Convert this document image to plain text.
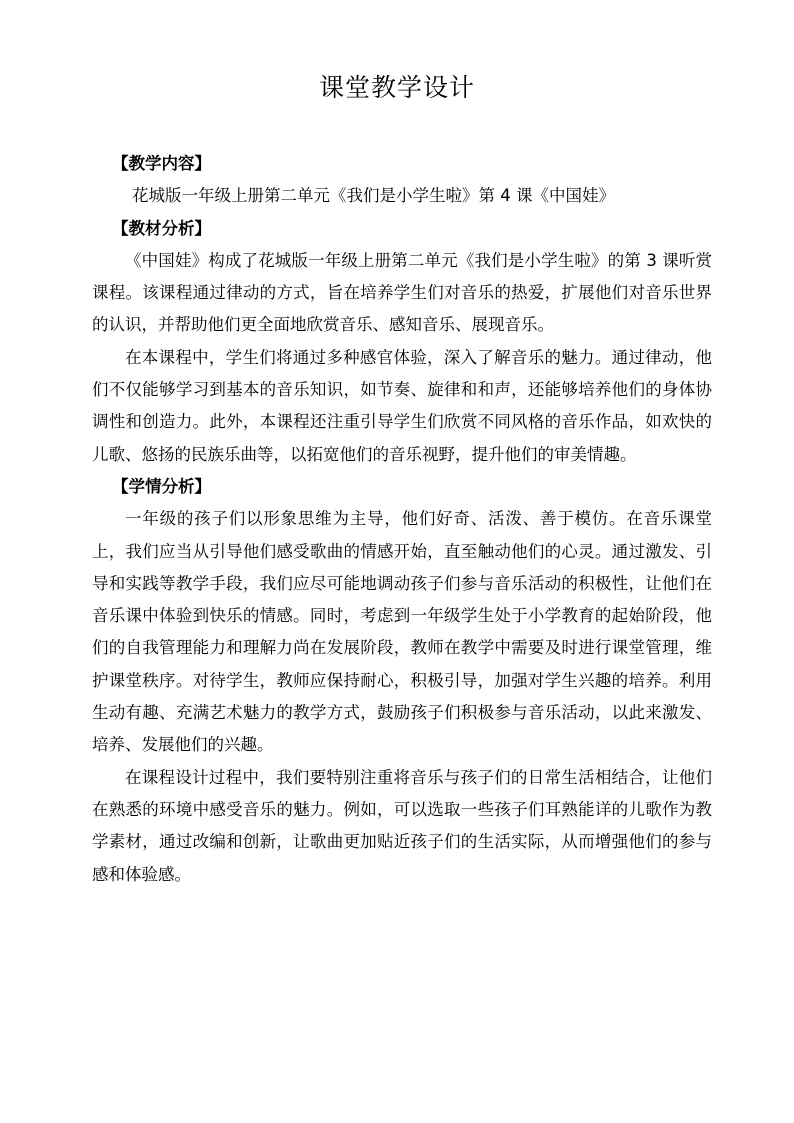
课堂教学设计
【教学内容】
花城版一年级上册第二单元《我们是小学生啦》第 4 课《中国娃》
【教材分析】
《中国娃》构成了花城版一年级上册第二单元《我们是小学生啦》的第 3 课听赏课程。该课程通过律动的方式，旨在培养学生们对音乐的热爱，扩展他们对音乐世界的认识，并帮助他们更全面地欣赏音乐、感知音乐、展现音乐。
在本课程中，学生们将通过多种感官体验，深入了解音乐的魅力。通过律动，他们不仅能够学习到基本的音乐知识，如节奏、旋律和和声，还能够培养他们的身体协调性和创造力。此外，本课程还注重引导学生们欣赏不同风格的音乐作品，如欢快的儿歌、悠扬的民族乐曲等，以拓宽他们的音乐视野，提升他们的审美情趣。
【学情分析】
一年级的孩子们以形象思维为主导，他们好奇、活泼、善于模仿。在音乐课堂上，我们应当从引导他们感受歌曲的情感开始，直至触动他们的心灵。通过激发、引导和实践等教学手段，我们应尽可能地调动孩子们参与音乐活动的积极性，让他们在音乐课中体验到快乐的情感。同时，考虑到一年级学生处于小学教育的起始阶段，他们的自我管理能力和理解力尚在发展阶段，教师在教学中需要及时进行课堂管理，维护课堂秩序。对待学生，教师应保持耐心，积极引导，加强对学生兴趣的培养。利用生动有趣、充满艺术魅力的教学方式，鼓励孩子们积极参与音乐活动，以此来激发、培养、发展他们的兴趣。
在课程设计过程中，我们要特别注重将音乐与孩子们的日常生活相结合，让他们在熟悉的环境中感受音乐的魅力。例如，可以选取一些孩子们耳熟能详的儿歌作为教学素材，通过改编和创新，让歌曲更加贴近孩子们的生活实际，从而增强他们的参与感和体验感。
